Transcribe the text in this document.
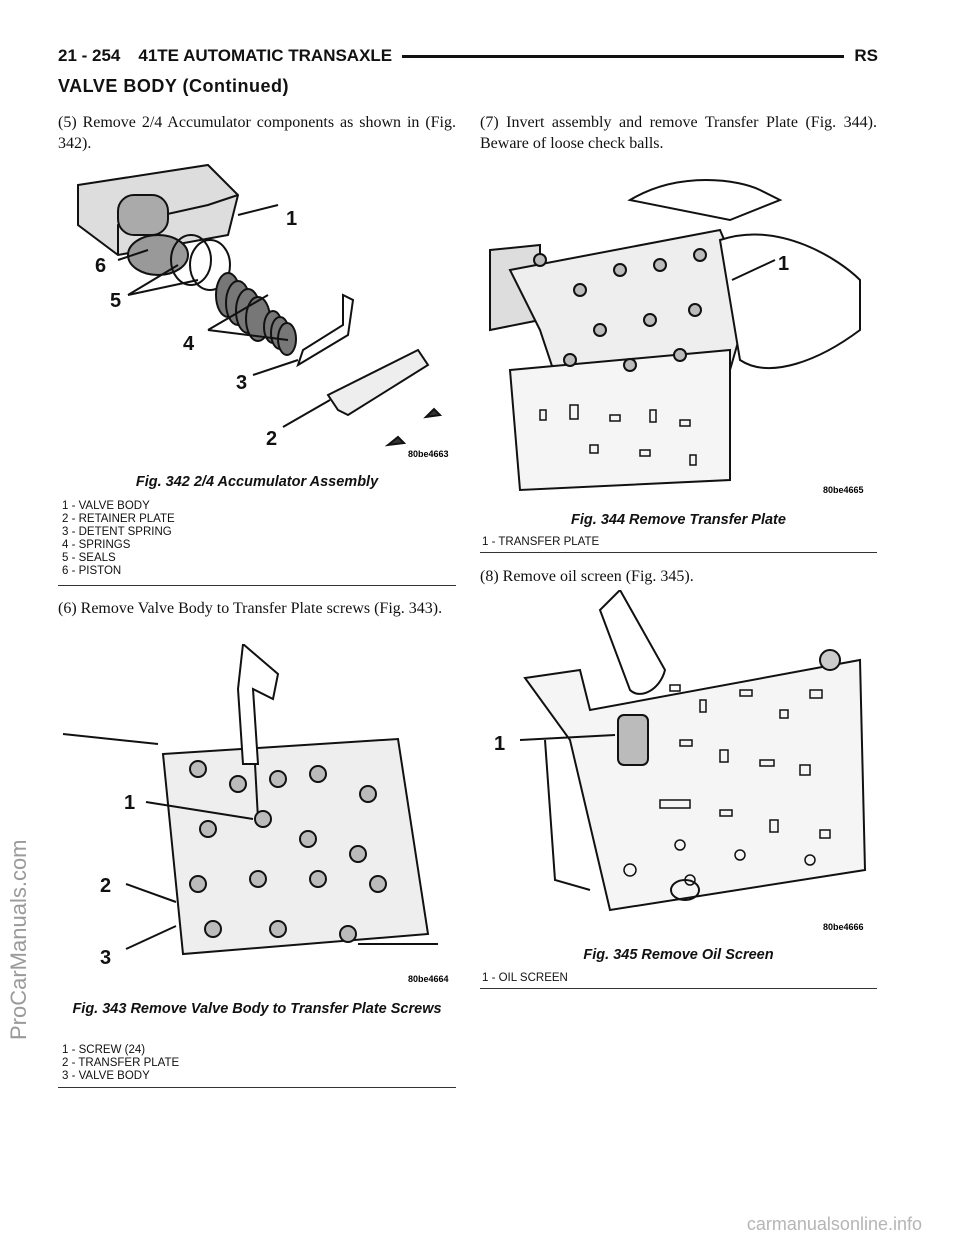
21 - 254 41TE AUTOMATIC TRANSAXLE	RS
VALVE BODY (Continued)
(5) Remove 2/4 Accumulator components as shown in (Fig. 342).
1
6
5
4
3
2
80be4663
Fig. 342 2/4 Accumulator Assembly
1 - VALVE BODY
2 - RETAINER PLATE
3 - DETENT SPRING
4 - SPRINGS
5 - SEALS
6 - PISTON
(6) Remove Valve Body to Transfer Plate screws (Fig. 343).
1
2
3
80be4664
Fig. 343 Remove Valve Body to Transfer Plate Screws
1 - SCREW (24)
2 - TRANSFER PLATE
3 - VALVE BODY
(7) Invert assembly and remove Transfer Plate (Fig. 344). Beware of loose check balls.
1
80be4665
Fig. 344 Remove Transfer Plate
1 - TRANSFER PLATE
(8) Remove oil screen (Fig. 345).
1
80be4666
Fig. 345 Remove Oil Screen
1 - OIL SCREEN
ProCarManuals.com
carmanualsonline.info
